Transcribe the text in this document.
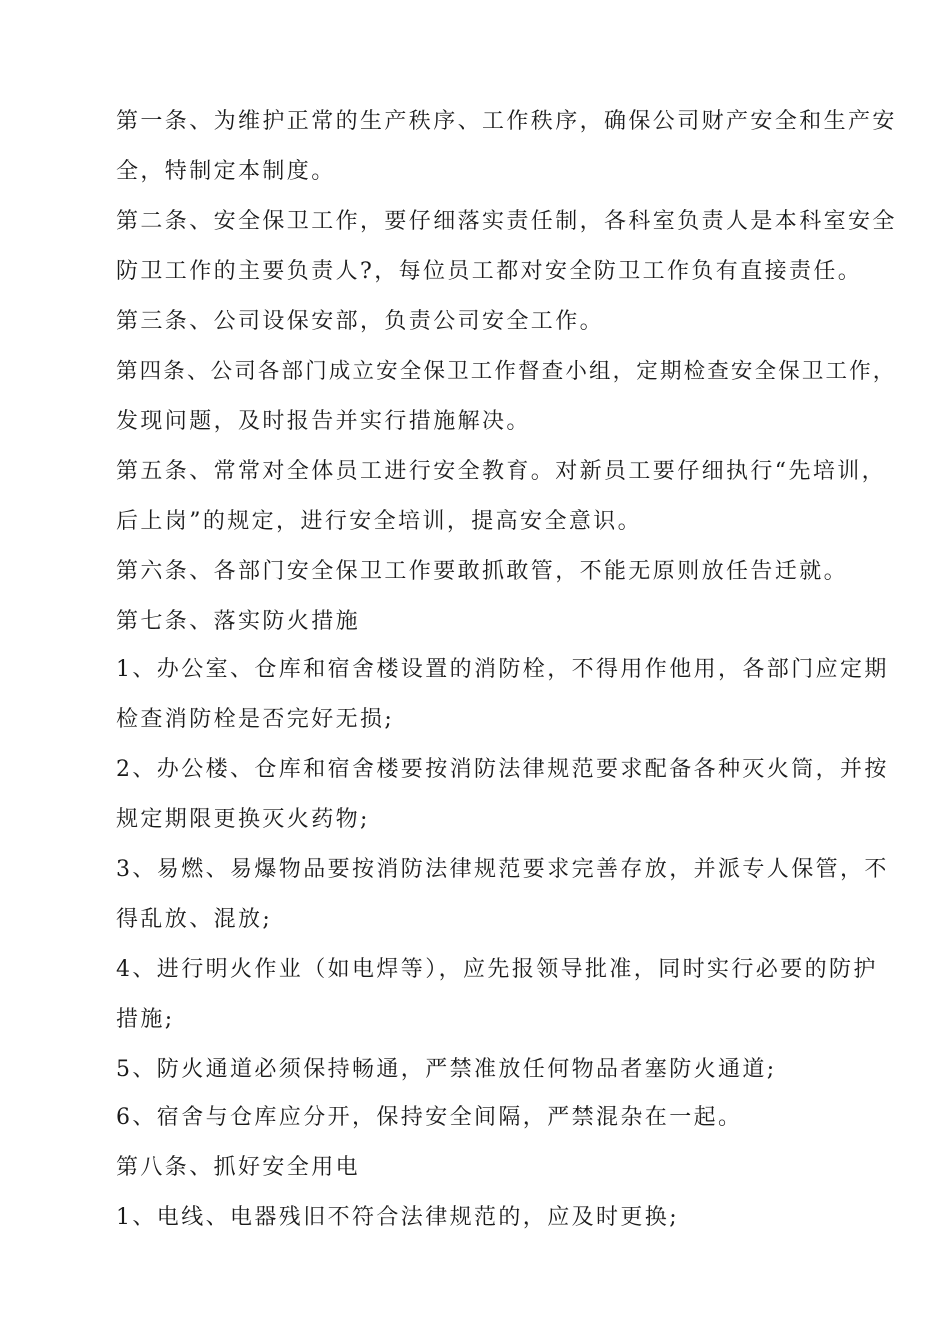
第一条、为维护正常的生产秩序、工作秩序，确保公司财产安全和生产安
全，特制定本制度。
第二条、安全保卫工作，要仔细落实责任制，各科室负责人是本科室安全
防卫工作的主要负责人?，每位员工都对安全防卫工作负有直接责任。
第三条、公司设保安部，负责公司安全工作。
第四条、公司各部门成立安全保卫工作督查小组，定期检查安全保卫工作，
发现问题，及时报告并实行措施解决。
第五条、常常对全体员工进行安全教育。对新员工要仔细执行“先培训，
后上岗”的规定，进行安全培训，提高安全意识。
第六条、各部门安全保卫工作要敢抓敢管，不能无原则放任告迁就。
第七条、落实防火措施
1、办公室、仓库和宿舍楼设置的消防栓，不得用作他用，各部门应定期
检查消防栓是否完好无损;
2、办公楼、仓库和宿舍楼要按消防法律规范要求配备各种灭火筒，并按
规定期限更换灭火药物;
3、易燃、易爆物品要按消防法律规范要求完善存放，并派专人保管，不
得乱放、混放;
4、进行明火作业（如电焊等），应先报领导批准，同时实行必要的防护
措施;
5、防火通道必须保持畅通，严禁准放任何物品者塞防火通道;
6、宿舍与仓库应分开，保持安全间隔，严禁混杂在一起。
第八条、抓好安全用电
1、电线、电器残旧不符合法律规范的，应及时更换;
